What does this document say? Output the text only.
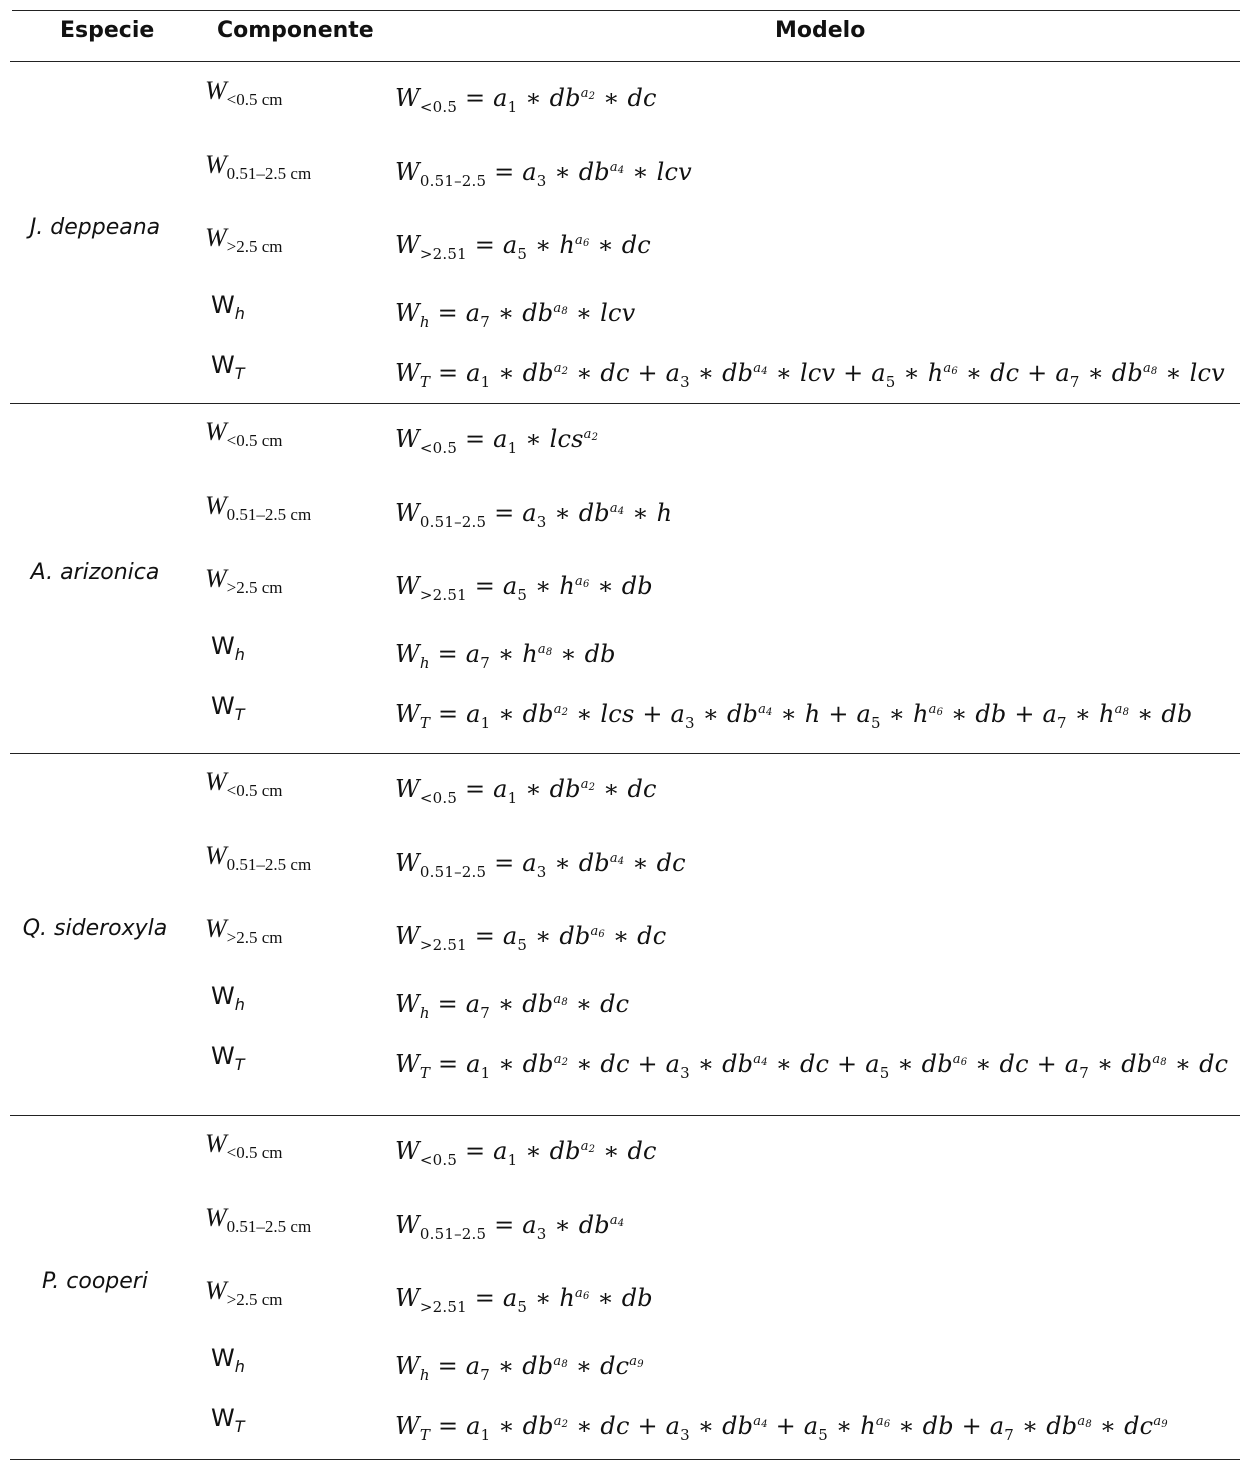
Especie	Componente	Modelo
J. deppeana
$W_{<0.5 cm}$	$W_{<0.5} = a_1$ ∗ $db^{a_2}$ ∗ dc
$W_{0.51-2.5 cm}$	$W_{0.51-2.5} = a_3$ ∗ $db^{a_4}$ ∗ lcv
$W_{>2.5 cm}$	$W_{>2.51} = a_5$ ∗ $h^{a_6}$ ∗ dc
$W_h$	$W_h = a_7$ ∗ $db^{a_8}$ ∗ lcv
$W_T$	$W_T = a_1$ ∗ $db^{a_2}$ ∗ dc + $a_3$ ∗ $db^{a_4}$ ∗ lcv + $a_5$ ∗ $h^{a_6}$ ∗ dc + $a_7$ ∗ $db^{a_8}$ ∗ lcv
A. arizonica
$W_{<0.5 cm}$	$W_{<0.5} = a_1$ ∗ lcs$^{a_2}$
$W_{0.51-2.5 cm}$	$W_{0.51-2.5} = a_3$ ∗ $db^{a_4}$ ∗ h
$W_{>2.5 cm}$	$W_{>2.51} = a_5$ ∗ $h^{a_6}$ ∗ db
$W_h$	$W_h = a_7$ ∗ $h^{a_8}$ ∗ db
$W_T$	$W_T = a_1$ ∗ $db^{a_2}$ ∗ lcs + $a_3$ ∗ $db^{a_4}$ ∗ $h + a_5$ ∗ $h^{a_6}$ ∗ db + $a_7$ ∗ $h^{a_8}$ ∗ db
Q. sideroxyla
$W_{<0.5 cm}$	$W_{<0.5} = a_1$ ∗ $db^{a_2}$ ∗ dc
$W_{0.51-2.5 cm}$	$W_{0.51-2.5} = a_3$ ∗ $db^{a_4}$ ∗ dc
$W_{>2.5 cm}$	$W_{>2.51} = a_5$ ∗ $db^{a_6}$ ∗ dc
$W_h$	$W_h = a_7$ ∗ $db^{a_8}$ ∗ dc
$W_T$	$W_T = a_1$ ∗ $db^{a_2}$ ∗ dc + $a_3$ ∗ $db^{a_4}$ ∗ dc + $a_5$ ∗ $db^{a_6}$ ∗ dc + $a_7$ ∗ $db^{a_8}$ ∗ dc
P. cooperi
$W_{<0.5 cm}$	$W_{<0.5} = a_1$ ∗ $db^{a_2}$ ∗ dc
$W_{0.51-2.5 cm}$	$W_{0.51-2.5} = a_3$ ∗ $db^{a_4}$
$W_{>2.5 cm}$	$W_{>2.51} = a_5$ ∗ $h^{a_6}$ ∗ db
$W_h$	$W_h = a_7$ ∗ $db^{a_8}$ ∗ $dc^{a_9}$
$W_T$	$W_T = a_1$ ∗ $db^{a_2}$ ∗ dc + $a_3$ ∗ $db^{a_4} + a_5$ ∗ $h^{a_6}$ ∗ db + $a_7$ ∗ $db^{a_8}$ ∗ $dc^{a_9}$
